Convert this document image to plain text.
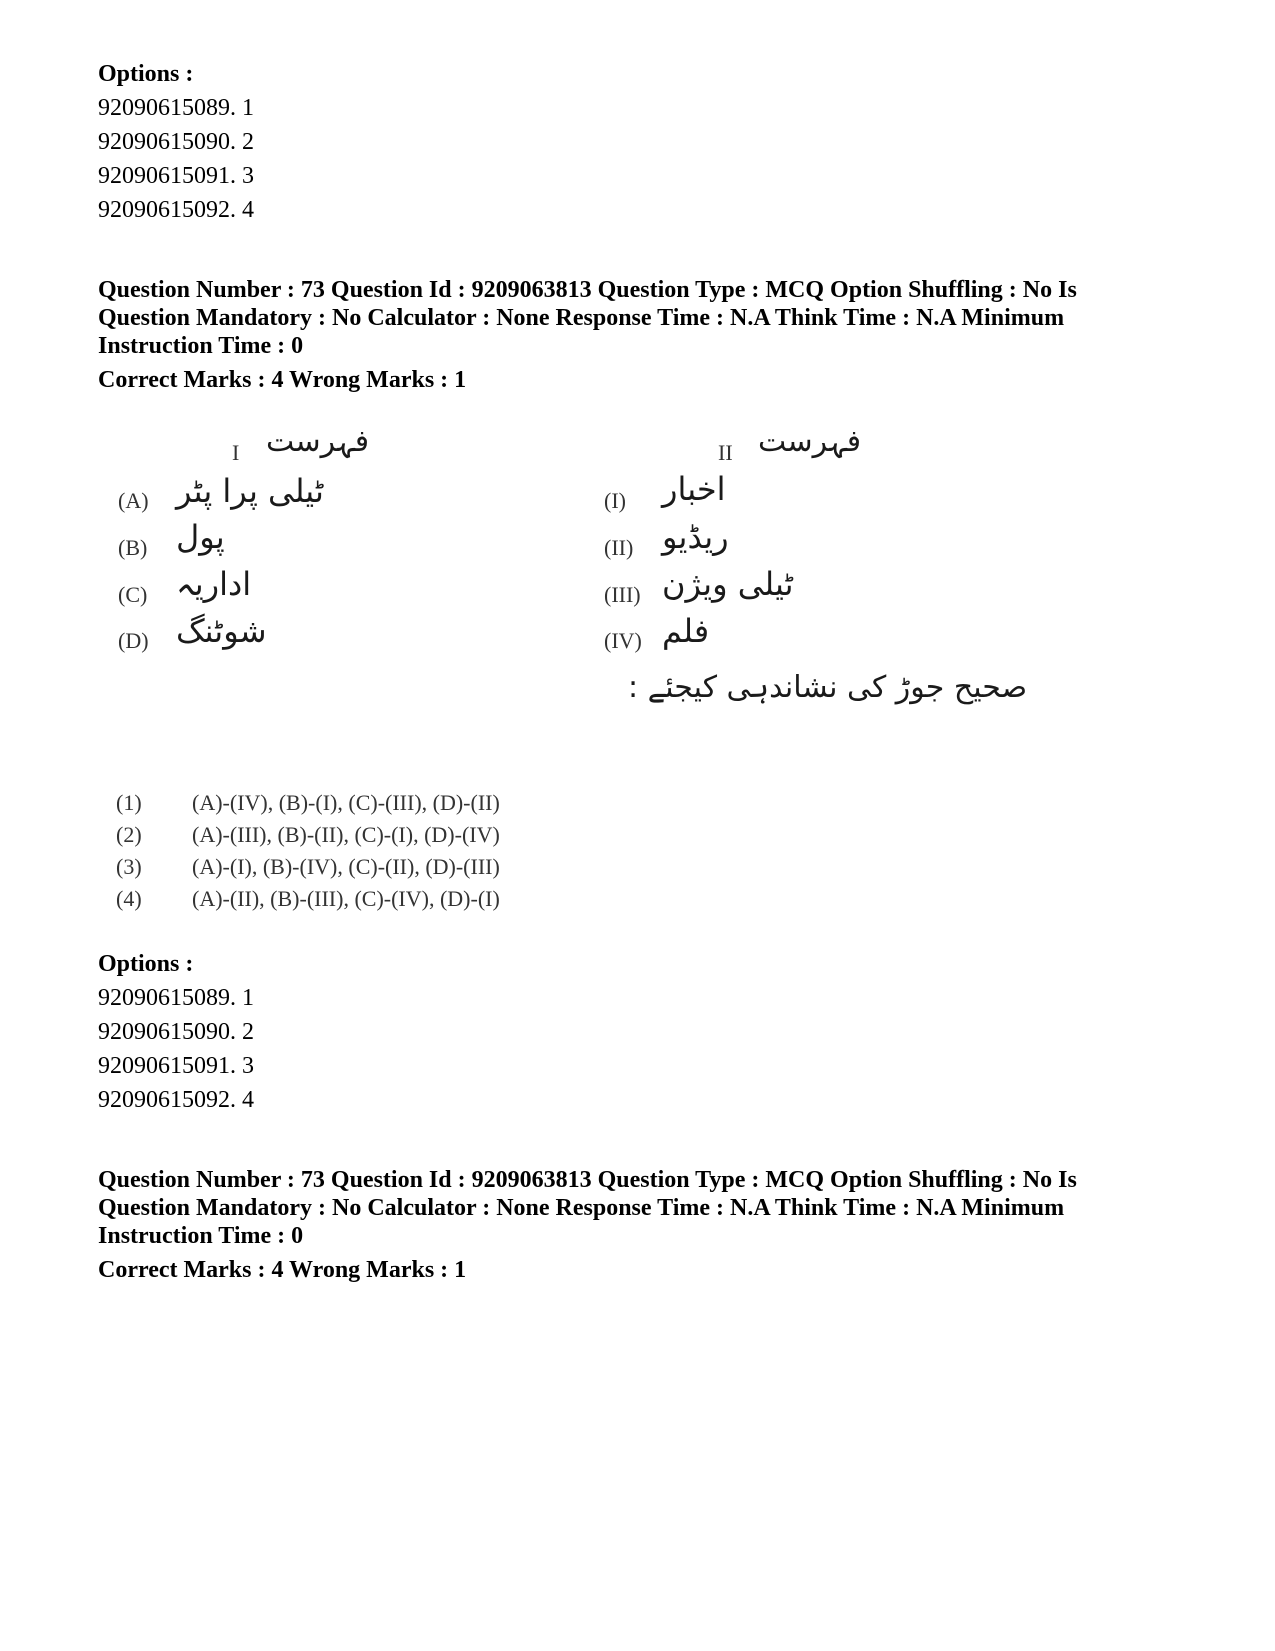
Options :
92090615089. 1
92090615090. 2
92090615091. 3
92090615092. 4
Question Number : 73 Question Id : 9209063813 Question Type : MCQ Option Shuffling : No Is
Question Mandatory : No Calculator : None Response Time : N.A Think Time : N.A Minimum
Instruction Time : 0
Correct Marks : 4 Wrong Marks : 1
I فہرست	II فہرست
(A) ٹیلی پرا پٹر
(B) پول
(C) اداریہ
(D) شوٹنگ
(I) اخبار
(II) ریڈیو
(III) ٹیلی ویژن
(IV) فلم
صحیح جوڑ کی نشاندہی کیجئے :
(1) (A)-(IV), (B)-(I), (C)-(III), (D)-(II)
(2) (A)-(III), (B)-(II), (C)-(I), (D)-(IV)
(3) (A)-(I), (B)-(IV), (C)-(II), (D)-(III)
(4) (A)-(II), (B)-(III), (C)-(IV), (D)-(I)
Options :
92090615089. 1
92090615090. 2
92090615091. 3
92090615092. 4
Question Number : 73 Question Id : 9209063813 Question Type : MCQ Option Shuffling : No Is
Question Mandatory : No Calculator : None Response Time : N.A Think Time : N.A Minimum
Instruction Time : 0
Correct Marks : 4 Wrong Marks : 1
